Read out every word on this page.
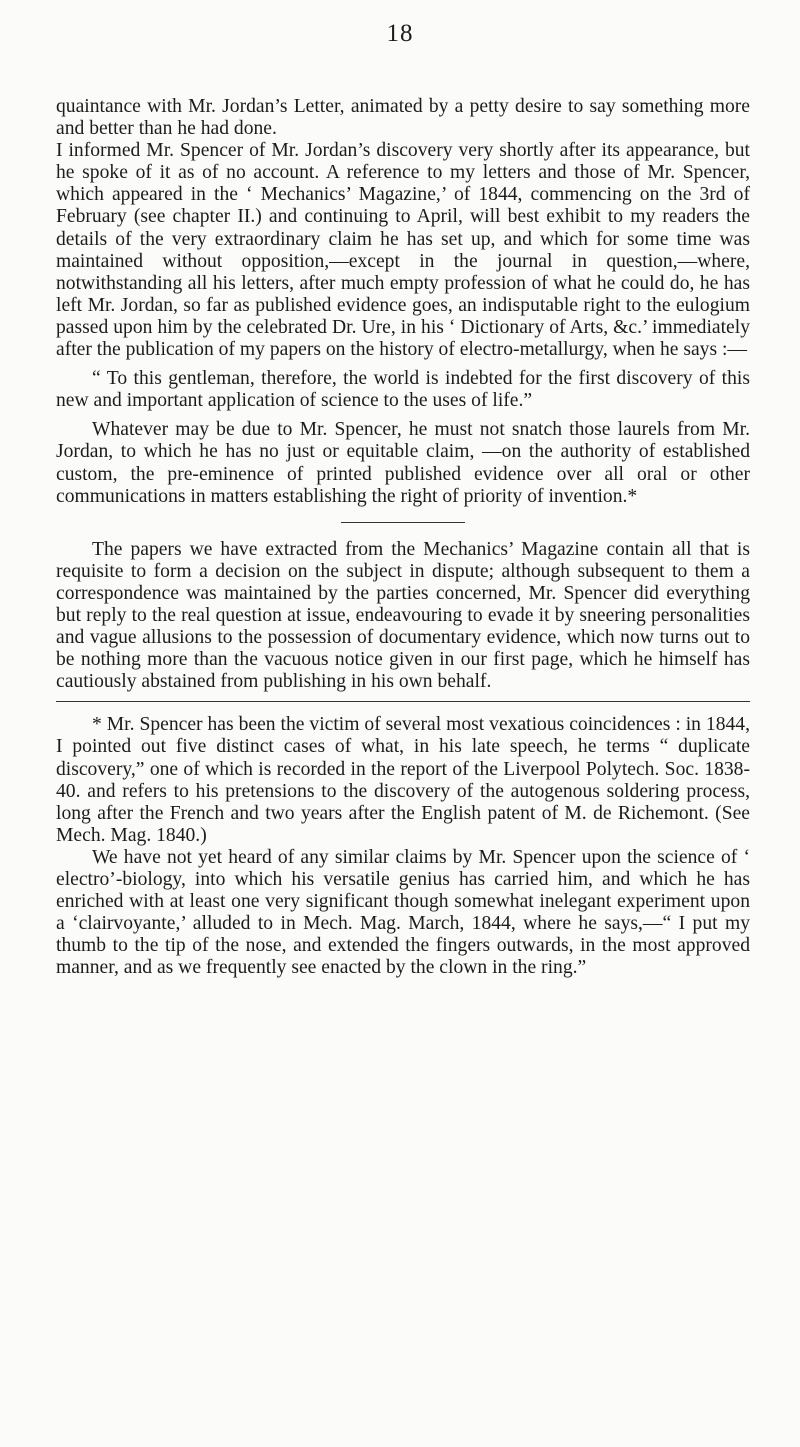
18

quaintance with Mr. Jordan’s Letter, animated by a petty desire to say something more and better than he had done.

I informed Mr. Spencer of Mr. Jordan’s discovery very shortly after its appearance, but he spoke of it as of no account. A reference to my letters and those of Mr. Spencer, which appeared in the ‘ Mechanics’ Magazine,’ of 1844, commencing on the 3rd of February (see chapter II.) and continuing to April, will best exhibit to my readers the details of the very extraordinary claim he has set up, and which for some time was maintained without opposition,—except in the journal in question,—where, notwithstanding all his letters, after much empty profession of what he could do, he has left Mr. Jordan, so far as published evidence goes, an indisputable right to the eulogium passed upon him by the celebrated Dr. Ure, in his ‘ Dictionary of Arts, &c.’ immediately after the publication of my papers on the history of electro-metallurgy, when he says :—

“ To this gentleman, therefore, the world is indebted for the first discovery of this new and important application of science to the uses of life.”

Whatever may be due to Mr. Spencer, he must not snatch those laurels from Mr. Jordan, to which he has no just or equitable claim, —on the authority of established custom, the pre-eminence of printed published evidence over all oral or other communications in matters establishing the right of priority of invention.*

The papers we have extracted from the Mechanics’ Magazine contain all that is requisite to form a decision on the subject in dispute; although subsequent to them a correspondence was maintained by the parties concerned, Mr. Spencer did everything but reply to the real question at issue, endeavouring to evade it by sneering personalities and vague allusions to the possession of documentary evidence, which now turns out to be nothing more than the vacuous notice given in our first page, which he himself has cautiously abstained from publishing in his own behalf.

* Mr. Spencer has been the victim of several most vexatious coincidences : in 1844, I pointed out five distinct cases of what, in his late speech, he terms “ duplicate discovery,” one of which is recorded in the report of the Liverpool Polytech. Soc. 1838-40. and refers to his pretensions to the discovery of the autogenous soldering process, long after the French and two years after the English patent of M. de Richemont. (See Mech. Mag. 1840.)

We have not yet heard of any similar claims by Mr. Spencer upon the science of ‘ electro’-biology, into which his versatile genius has carried him, and which he has enriched with at least one very significant though somewhat inelegant experiment upon a ‘clairvoyante,’ alluded to in Mech. Mag. March, 1844, where he says,—“ I put my thumb to the tip of the nose, and extended the fingers outwards, in the most approved manner, and as we frequently see enacted by the clown in the ring.”
